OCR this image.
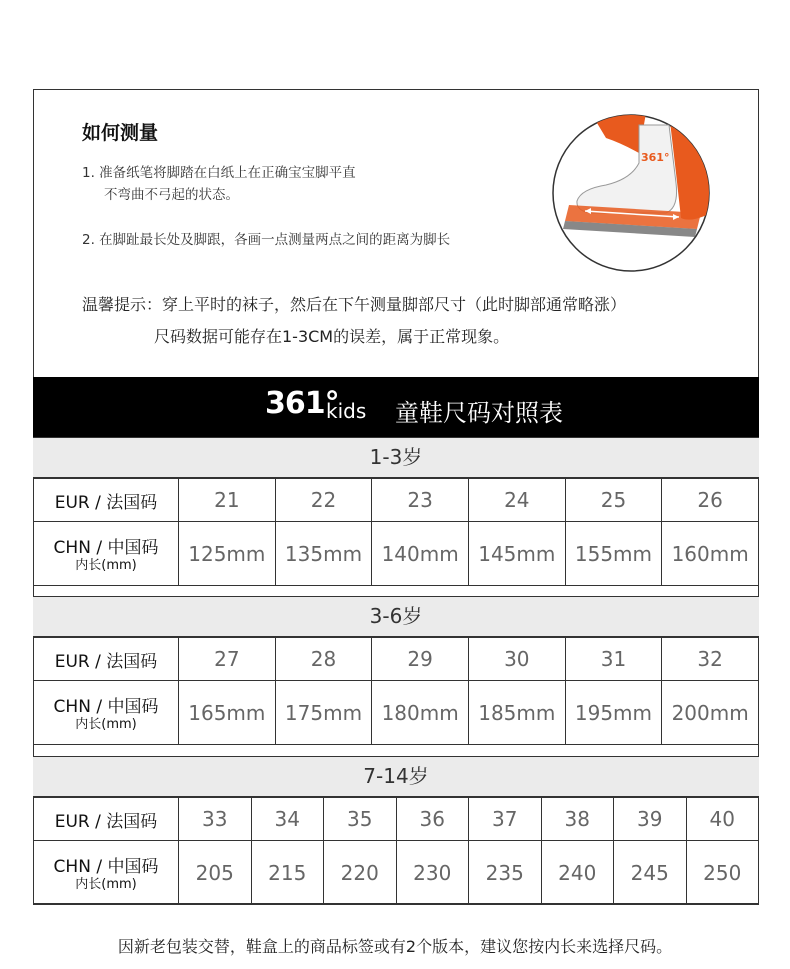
如何测量
1. 准备纸笔将脚踏在白纸上在正确宝宝脚平直
不弯曲不弓起的状态。
2. 在脚趾最长处及脚跟，各画一点测量两点之间的距离为脚长
温馨提示：穿上平时的袜子，然后在下午测量脚部尺寸（此时脚部通常略涨）
尺码数据可能存在1-3CM的误差，属于正常现象。
361°
361°
kids 童鞋尺码对照表
1-3岁
EUR / 法国码	21	22	23	24	25	26
CHN / 中国码
内长(mm)	125mm	135mm	140mm	145mm	155mm	160mm
3-6岁
EUR / 法国码	27	28	29	30	31	32
CHN / 中国码
内长(mm)	165mm	175mm	180mm	185mm	195mm	200mm
7-14岁
EUR / 法国码	33	34	35	36	37	38	39	40
CHN / 中国码
内长(mm)	205	215	220	230	235	240	245	250
因新老包装交替，鞋盒上的商品标签或有2个版本，建议您按内长来选择尺码。
